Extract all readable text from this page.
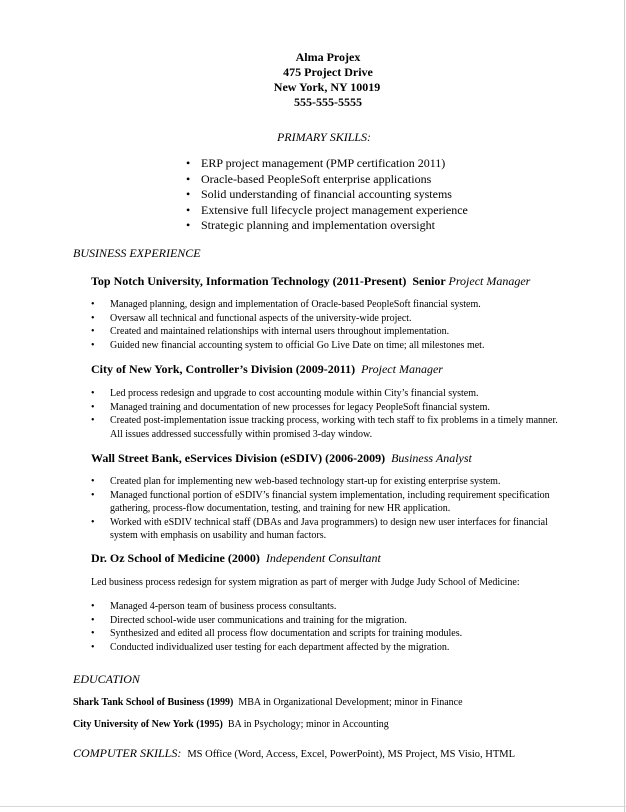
Alma Projex
475 Project Drive
New York, NY 10019
555-555-5555
PRIMARY SKILLS:
• ERP project management (PMP certification 2011)
• Oracle-based PeopleSoft enterprise applications
• Solid understanding of financial accounting systems
• Extensive full lifecycle project management experience
• Strategic planning and implementation oversight
BUSINESS EXPERIENCE
Top Notch University, Information Technology (2011-Present) Senior Project Manager
• Managed planning, design and implementation of Oracle-based PeopleSoft financial system.
• Oversaw all technical and functional aspects of the university-wide project.
• Created and maintained relationships with internal users throughout implementation.
• Guided new financial accounting system to official Go Live Date on time; all milestones met.
City of New York, Controller’s Division (2009-2011) Project Manager
• Led process redesign and upgrade to cost accounting module within City’s financial system.
• Managed training and documentation of new processes for legacy PeopleSoft financial system.
• Created post-implementation issue tracking process, working with tech staff to fix problems in a timely manner. All issues addressed successfully within promised 3-day window.
Wall Street Bank, eServices Division (eSDIV) (2006-2009) Business Analyst
• Created plan for implementing new web-based technology start-up for existing enterprise system.
• Managed functional portion of eSDIV’s financial system implementation, including requirement specification gathering, process-flow documentation, testing, and training for new HR application.
• Worked with eSDIV technical staff (DBAs and Java programmers) to design new user interfaces for financial system with emphasis on usability and human factors.
Dr. Oz School of Medicine (2000) Independent Consultant
Led business process redesign for system migration as part of merger with Judge Judy School of Medicine:
• Managed 4-person team of business process consultants.
• Directed school-wide user communications and training for the migration.
• Synthesized and edited all process flow documentation and scripts for training modules.
• Conducted individualized user testing for each department affected by the migration.
EDUCATION
Shark Tank School of Business (1999) MBA in Organizational Development; minor in Finance
City University of New York (1995) BA in Psychology; minor in Accounting
COMPUTER SKILLS: MS Office (Word, Access, Excel, PowerPoint), MS Project, MS Visio, HTML
